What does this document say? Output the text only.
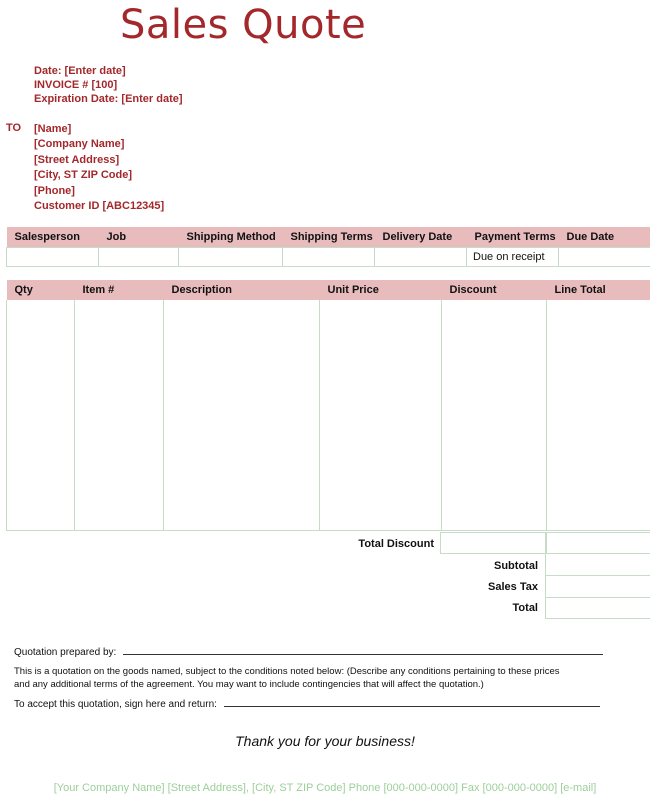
Sales Quote
Date: [Enter date]
INVOICE # [100]
Expiration Date: [Enter date]
TO [Name]
[Company Name]
[Street Address]
[City, ST ZIP Code]
[Phone]
Customer ID [ABC12345]
Salesperson	Job	Shipping Method	Shipping Terms	Delivery Date	Payment Terms	Due Date
					Due on receipt	
Qty	Item #	Description	Unit Price	Discount	Line Total

Total Discount
Subtotal
Sales Tax
Total
Quotation prepared by:
This is a quotation on the goods named, subject to the conditions noted below: (Describe any conditions pertaining to these prices
and any additional terms of the agreement. You may want to include contingencies that will affect the quotation.)
To accept this quotation, sign here and return:
Thank you for your business!
[Your Company Name] [Street Address], [City, ST ZIP Code] Phone [000-000-0000] Fax [000-000-0000] [e-mail]
